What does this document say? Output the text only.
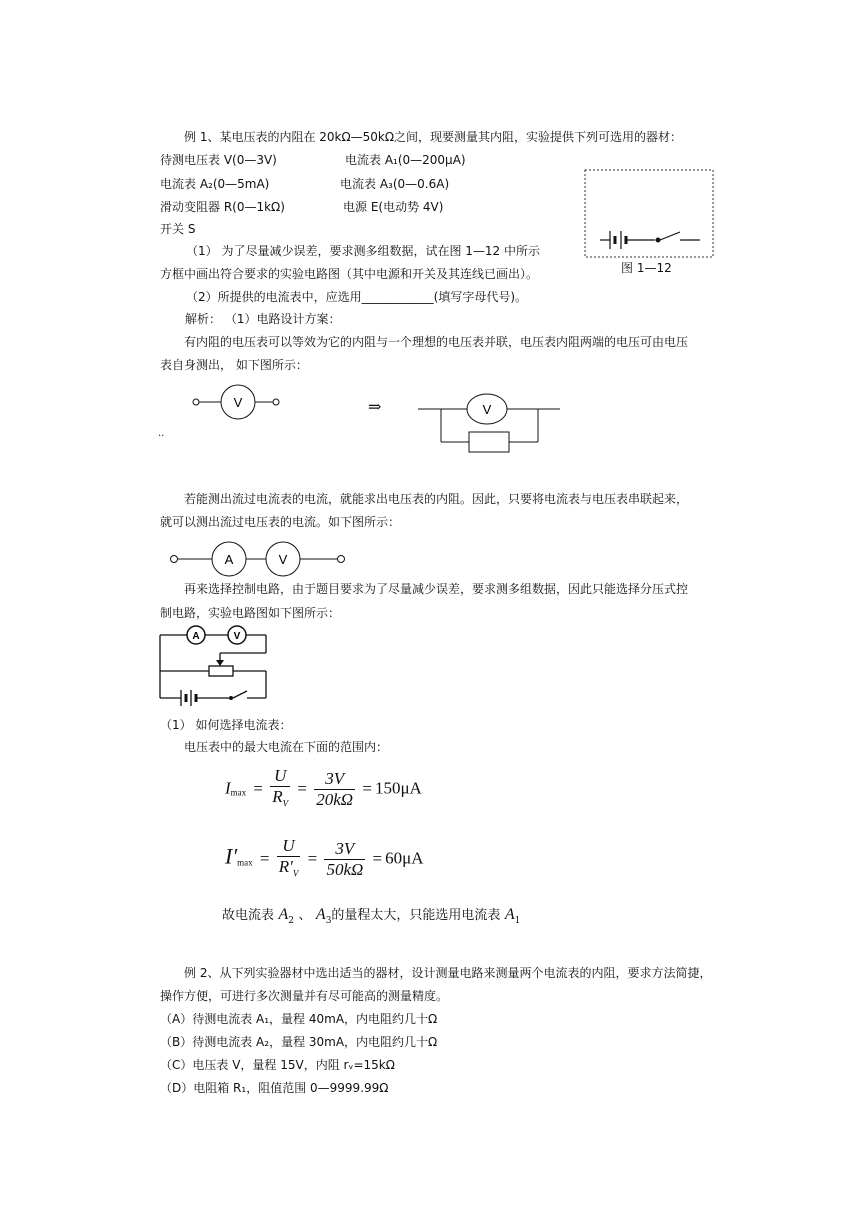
例 1、某电压表的内阻在 20kΩ—50kΩ之间，现要测量其内阻，实验提供下列可选用的器材：
待测电压表 V(0—3V)	电流表 A₁(0—200μA)
电流表 A₂(0—5mA)	电流表 A₃(0—0.6A)
滑动变阻器 R(0—1kΩ)	电源 E(电动势 4V)
开关 S
（1） 为了尽量减少误差，要求测多组数据，试在图 1—12 中所示
方框中画出符合要求的实验电路图（其中电源和开关及其连线已画出）。
（2）所提供的电流表中，应选用____________(填写字母代号)。
图 1—12
解析： （1）电路设计方案：
有内阻的电压表可以等效为它的内阻与一个理想的电压表并联，电压表内阻两端的电压可由电压
表自身测出， 如下图所示：
V	V
⇒
..
若能测出流过电流表的电流，就能求出电压表的内阻。因此，只要将电流表与电压表串联起来，
就可以测出流过电压表的电流。如下图所示：
A	V
再来选择控制电路，由于题目要求为了尽量减少误差，要求测多组数据，因此只能选择分压式控
制电路，实验电路图如下图所示：
A	V
（1） 如何选择电流表：
电压表中的最大电流在下面的范围内：
$Imax = \frac{U}{R_V} = \frac{3V}{20k\Omega} = 150\mu A$
$I'\max = \frac{U}{R'_V} = \frac{3V}{50k\Omega} = 60\mu A$
故电流表 $A_2$ 、 $A_3$的量程太大，只能选用电流表 $A_1$
例 2、从下列实验器材中选出适当的器材，设计测量电路来测量两个电流表的内阻，要求方法简捷，
操作方便，可进行多次测量并有尽可能高的测量精度。
（A）待测电流表 A₁，量程 40mA，内电阻约几十Ω
（B）待测电流表 A₂，量程 30mA，内电阻约几十Ω
（C）电压表 V，量程 15V，内阻 rᵥ=15kΩ
（D）电阻箱 R₁，阻值范围 0—9999.99Ω
